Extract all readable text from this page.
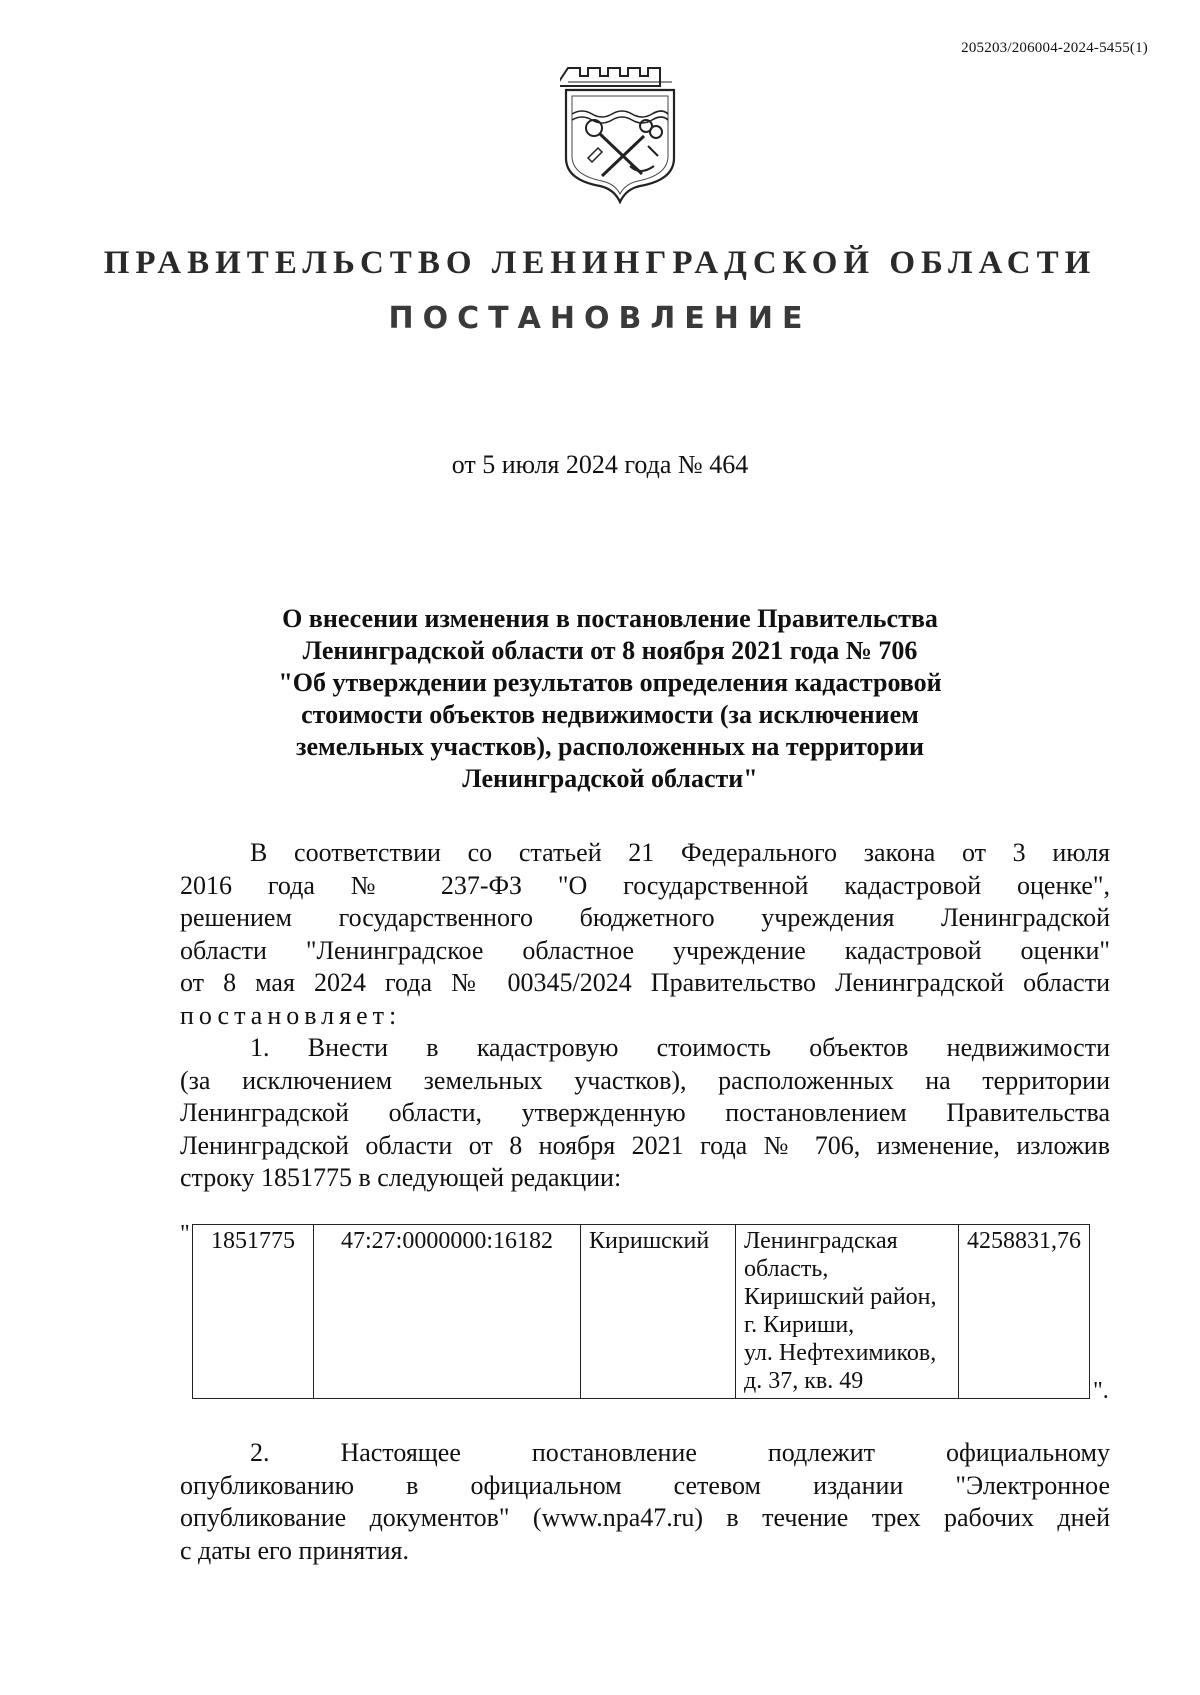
205203/206004-2024-5455(1)
ПРАВИТЕЛЬСТВО ЛЕНИНГРАДСКОЙ ОБЛАСТИ
ПОСТАНОВЛЕНИЕ
от 5 июля 2024 года № 464
О внесении изменения в постановление Правительства
Ленинградской области от 8 ноября 2021 года № 706
"Об утверждении результатов определения кадастровой
стоимости объектов недвижимости (за исключением
земельных участков), расположенных на территории
Ленинградской области"
В соответствии со статьей 21 Федерального закона от 3 июля
2016 года № 237-ФЗ "О государственной кадастровой оценке",
решением государственного бюджетного учреждения Ленинградской
области "Ленинградское областное учреждение кадастровой оценки"
от 8 мая 2024 года № 00345/2024 Правительство Ленинградской области
постановляет:
1. Внести в кадастровую стоимость объектов недвижимости
(за исключением земельных участков), расположенных на территории
Ленинградской области, утвержденную постановлением Правительства
Ленинградской области от 8 ноября 2021 года № 706, изменение, изложив
строку 1851775 в следующей редакции:
" 1851775	47:27:0000000:16182	Киришский	Ленинградская
область,
Киришский район,
г. Кириши,
ул. Нефтехимиков,
д. 37, кв. 49
	4258831,76
".
2. Настоящее постановление подлежит официальному
опубликованию в официальном сетевом издании "Электронное
опубликование документов" (www.npa47.ru) в течение трех рабочих дней
с даты его принятия.
